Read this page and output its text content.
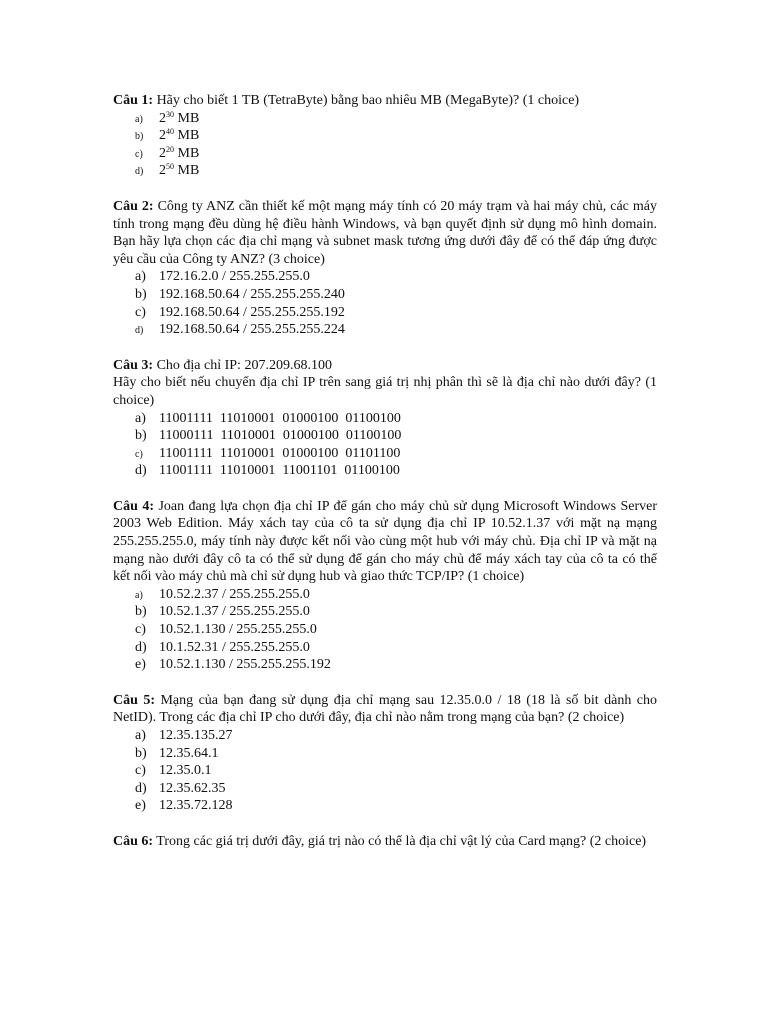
Câu 1: Hãy cho biết 1 TB (TetraByte) bằng bao nhiêu MB (MegaByte)? (1 choice)

a)	$2^{30}$ MB
b)	$2^{40}$ MB
c)	$2^{20}$ MB
d)	$2^{50}$ MB

Câu 2: Công ty ANZ cần thiết kế một mạng máy tính có 20 máy trạm và hai máy chủ, các máy tính trong mạng đều dùng hệ điều hành Windows, và bạn quyết định sử dụng mô hình domain. Bạn hãy lựa chọn các địa chỉ mạng và subnet mask tương ứng dưới đây để có thể đáp ứng được yêu cầu của Công ty ANZ? (3 choice)

a) 172.16.2.0 / 255.255.255.0
b) 192.168.50.64 / 255.255.255.240
c) 192.168.50.64 / 255.255.255.192
d)	192.168.50.64 / 255.255.255.224

Câu 3: Cho địa chỉ IP: 207.209.68.100

Hãy cho biết nếu chuyển địa chỉ IP trên sang giá trị nhị phân thì sẽ là địa chỉ nào dưới đây? (1 choice)

a) 11001111  11010001  01000100  01100100
b) 11000111  11010001  01000100  01100100
c)	11001111  11010001  01000100  01101100
d) 11001111  11010001  11001101  01100100

Câu 4: Joan đang lựa chọn địa chỉ IP để gán cho máy chủ sử dụng Microsoft Windows Server 2003 Web Edition. Máy xách tay của cô ta sử dụng địa chỉ IP 10.52.1.37 với mặt nạ mạng 255.255.255.0, máy tính này được kết nối vào cùng một hub với máy chủ. Địa chỉ IP và mặt nạ mạng nào dưới đây cô ta có thể sử dụng để gán cho máy chủ để máy xách tay của cô ta có thể kết nối vào máy chủ mà chỉ sử dụng hub và giao thức TCP/IP? (1 choice)

a)	10.52.2.37 / 255.255.255.0
b) 10.52.1.37 / 255.255.255.0
c) 10.52.1.130 / 255.255.255.0
d) 10.1.52.31 / 255.255.255.0
e) 10.52.1.130 / 255.255.255.192

Câu 5: Mạng của bạn đang sử dụng địa chỉ mạng sau 12.35.0.0 / 18 (18 là số bit dành cho NetID). Trong các địa chỉ IP cho dưới đây, địa chỉ nào nằm trong mạng của bạn? (2 choice)

a) 12.35.135.27
b) 12.35.64.1
c) 12.35.0.1
d) 12.35.62.35
e) 12.35.72.128

Câu 6: Trong các giá trị dưới đây, giá trị nào có thể là địa chỉ vật lý của Card mạng? (2 choice)
